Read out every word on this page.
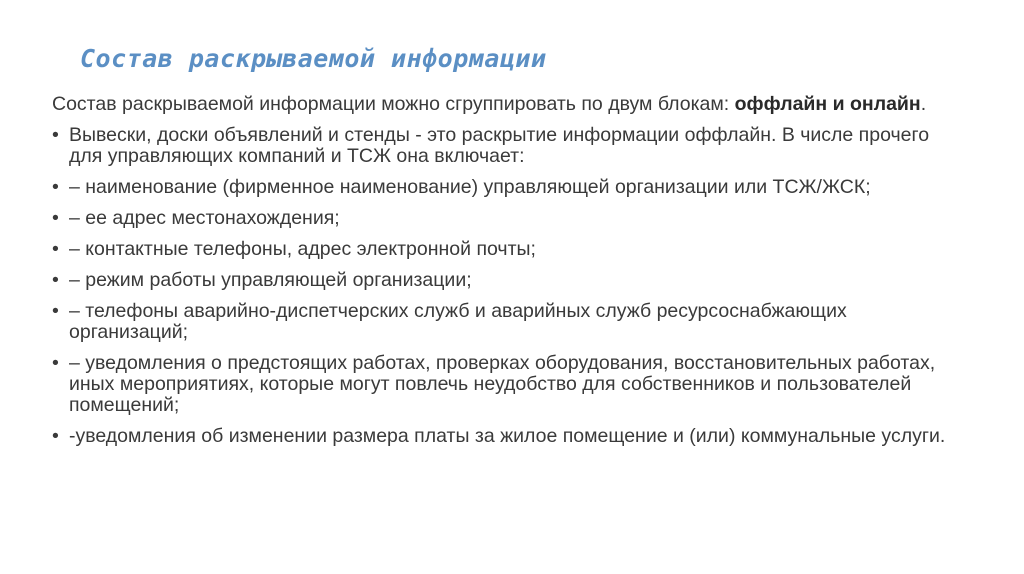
Состав раскрываемой информации

Состав раскрываемой информации можно сгруппировать по двум блокам: оффлайн и онлайн.

• Вывески, доски объявлений и стенды - это раскрытие информации оффлайн. В числе прочего для управляющих компаний и ТСЖ она включает:
• – наименование (фирменное наименование) управляющей организации или ТСЖ/ЖСК;
• – ее адрес местонахождения;
• – контактные телефоны, адрес электронной почты;
• – режим работы управляющей организации;
• – телефоны аварийно-диспетчерских служб и аварийных служб ресурсоснабжающих организаций;
• – уведомления о предстоящих работах, проверках оборудования, восстановительных работах, иных мероприятиях, которые могут повлечь неудобство для собственников и пользователей помещений;
• -уведомления об изменении размера платы за жилое помещение и (или) коммунальные услуги.
